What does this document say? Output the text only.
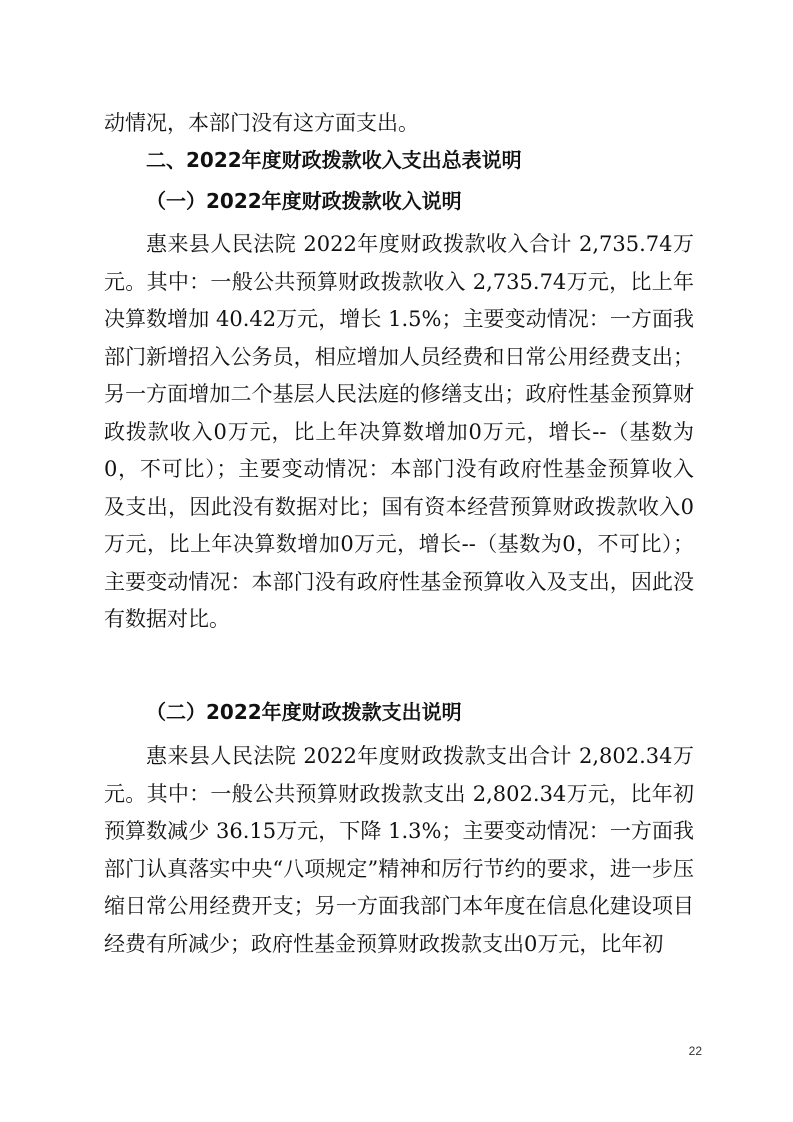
动情况，本部门没有这方面支出。

二、2022年度财政拨款收入支出总表说明
（一）2022年度财政拨款收入说明

惠来县人民法院 2022年度财政拨款收入合计 2,735.74万元。其中：一般公共预算财政拨款收入 2,735.74万元，比上年决算数增加 40.42万元，增长 1.5%；主要变动情况：一方面我部门新增招入公务员，相应增加人员经费和日常公用经费支出；另一方面增加二个基层人民法庭的修缮支出；政府性基金预算财政拨款收入0万元，比上年决算数增加0万元，增长--（基数为0，不可比）；主要变动情况：本部门没有政府性基金预算收入及支出，因此没有数据对比；国有资本经营预算财政拨款收入0万元，比上年决算数增加0万元，增长--（基数为0，不可比）；主要变动情况：本部门没有政府性基金预算收入及支出，因此没有数据对比。

（二）2022年度财政拨款支出说明

惠来县人民法院 2022年度财政拨款支出合计 2,802.34万元。其中：一般公共预算财政拨款支出 2,802.34万元，比年初预算数减少 36.15万元，下降 1.3%；主要变动情况：一方面我部门认真落实中央“八项规定”精神和厉行节约的要求，进一步压缩日常公用经费开支；另一方面我部门本年度在信息化建设项目经费有所减少；政府性基金预算财政拨款支出0万元，比年初

22
